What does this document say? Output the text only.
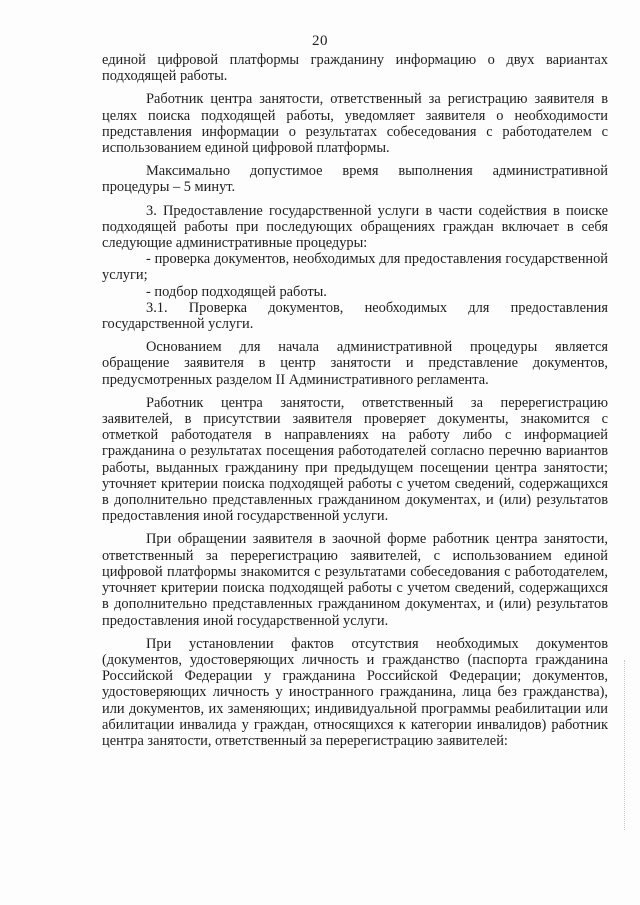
20

единой цифровой платформы гражданину информацию о двух вариантах подходящей работы.

Работник центра занятости, ответственный за регистрацию заявителя в целях поиска подходящей работы, уведомляет заявителя о необходимости представления информации о результатах собеседования с работодателем с использованием единой цифровой платформы.

Максимально допустимое время выполнения административной процедуры – 5 минут.

3. Предоставление государственной услуги в части содействия в поиске подходящей работы при последующих обращениях граждан включает в себя следующие административные процедуры:

- проверка документов, необходимых для предоставления государственной услуги;

- подбор подходящей работы.

3.1. Проверка документов, необходимых для предоставления государственной услуги.

Основанием для начала административной процедуры является обращение заявителя в центр занятости и представление документов, предусмотренных разделом II Административного регламента.

Работник центра занятости, ответственный за перерегистрацию заявителей, в присутствии заявителя проверяет документы, знакомится с отметкой работодателя в направлениях на работу либо с информацией гражданина о результатах посещения работодателей согласно перечню вариантов работы, выданных гражданину при предыдущем посещении центра занятости; уточняет критерии поиска подходящей работы с учетом сведений, содержащихся в дополнительно представленных гражданином документах, и (или) результатов предоставления иной государственной услуги.

При обращении заявителя в заочной форме работник центра занятости, ответственный за перерегистрацию заявителей, с использованием единой цифровой платформы знакомится с результатами собеседования с работодателем, уточняет критерии поиска подходящей работы с учетом сведений, содержащихся в дополнительно представленных гражданином документах, и (или) результатов предоставления иной государственной услуги.

При установлении фактов отсутствия необходимых документов (документов, удостоверяющих личность и гражданство (паспорта гражданина Российской Федерации у гражданина Российской Федерации; документов, удостоверяющих личность у иностранного гражданина, лица без гражданства), или документов, их заменяющих; индивидуальной программы реабилитации или абилитации инвалида у граждан, относящихся к категории инвалидов) работник центра занятости, ответственный за перерегистрацию заявителей:
